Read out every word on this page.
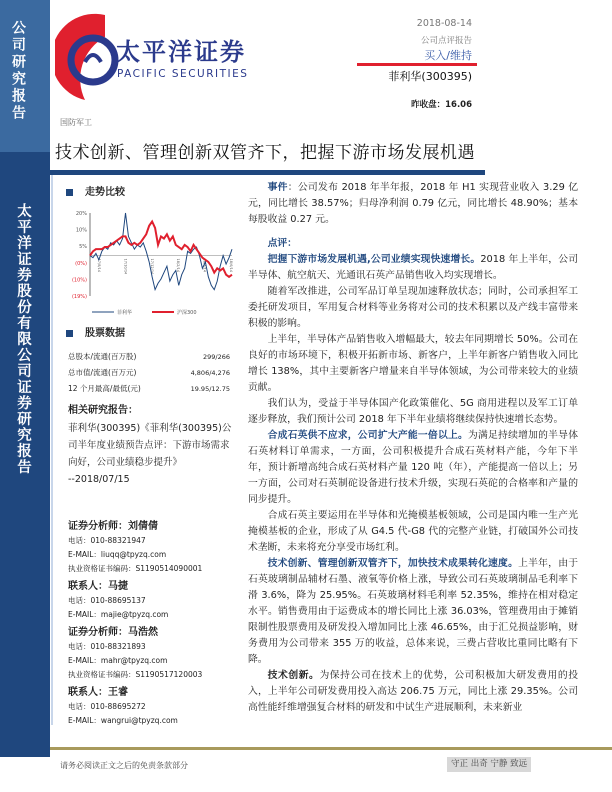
公司研究报告
太平洋证券股份有限公司证券研究报告
太平洋证券
PACIFIC SECURITIES
2018-08-14
公司点评报告
买入/维持
菲利华(300395)
昨收盘：16.06
国防军工
技术创新、管理创新双管齐下，把握下游市场发展机遇
走势比较
20%
10%
5%
(0%)
(10%)
(19%)
17/8/14	17/10/14	17/12/14	18/2/14	18/4/14	18/6/14
菲利华	沪深300
股票数据
总股本/流通(百万股)	299/266
总市值/流通(百万元)	4,806/4,276
12 个月最高/最低(元)	19.95/12.75
相关研究报告：
菲利华(300395)《菲利华(300395)公司半年度业绩预告点评：下游市场需求向好，公司业绩稳步提升》
--2018/07/15
证券分析师：刘倩倩
电话：010-88321947
E-MAIL：liuqq@tpyzq.com
执业资格证书编码：S1190514090001
联系人：马捷
电话：010-88695137
E-MAIL：majie@tpyzq.com
证券分析师：马浩然
电话：010-88321893
E-MAIL：mahr@tpyzq.com
执业资格证书编码：S1190517120003
联系人：王睿
电话：010-88695272
E-MAIL：wangrui@tpyzq.com

事件：公司发布 2018 年半年报，2018 年 H1 实现营业收入 3.29 亿元，同比增长 38.57%；归母净利润 0.79 亿元，同比增长 48.90%；基本每股收益 0.27 元。

点评：

把握下游市场发展机遇,公司业绩实现快速增长。2018 年上半年，公司半导体、航空航天、光通讯石英产品销售收入均实现增长。

随着军改推进，公司军品订单呈现加速释放状态；同时，公司承担军工委托研发项目，军用复合材料等业务将对公司的技术积累以及产线丰富带来积极的影响。

上半年，半导体产品销售收入增幅最大，较去年同期增长 50%。公司在良好的市场环境下，积极开拓新市场、新客户，上半年新客户销售收入同比增长 138%，其中主要新客户增量来自半导体领域，为公司带来较大的业绩贡献。

我们认为，受益于半导体国产化政策催化、5G 商用进程以及军工订单逐步释放，我们预计公司 2018 年下半年业绩将继续保持快速增长态势。

合成石英供不应求，公司扩大产能一倍以上。为满足持续增加的半导体石英材料订单需求，一方面，公司积极提升合成石英材料产能，今年下半年，预计新增高纯合成石英材料产量 120 吨（年），产能提高一倍以上；另一方面，公司对石英制砣设备进行技术升级，实现石英砣的合格率和产量的同步提升。

合成石英主要运用在半导体和光掩模基板领域，公司是国内唯一生产光掩模基板的企业，形成了从 G4.5 代-G8 代的完整产业链，打破国外公司技术垄断，未来将充分享受市场红利。

技术创新、管理创新双管齐下，加快技术成果转化速度。上半年，由于石英玻璃制品辅材石墨、液氧等价格上涨，导致公司石英玻璃制品毛利率下滑 3.6%，降为 25.95%。石英玻璃材料毛利率 52.35%，维持在相对稳定水平。销售费用由于运费成本的增长同比上涨 36.03%，管理费用由于摊销限制性股票费用及研发投入增加同比上涨 46.65%，由于汇兑损益影响，财务费用为公司带来 355 万的收益，总体来说，三费占营收比重同比略有下降。

技术创新。为保持公司在技术上的优势，公司积极加大研发费用的投入，上半年公司研发费用投入高达 206.75 万元，同比上涨 29.35%。公司高性能纤维增强复合材料的研发和中试生产进展顺利，未来新业

请务必阅读正文之后的免责条款部分	守正 出奇 宁静 致远
